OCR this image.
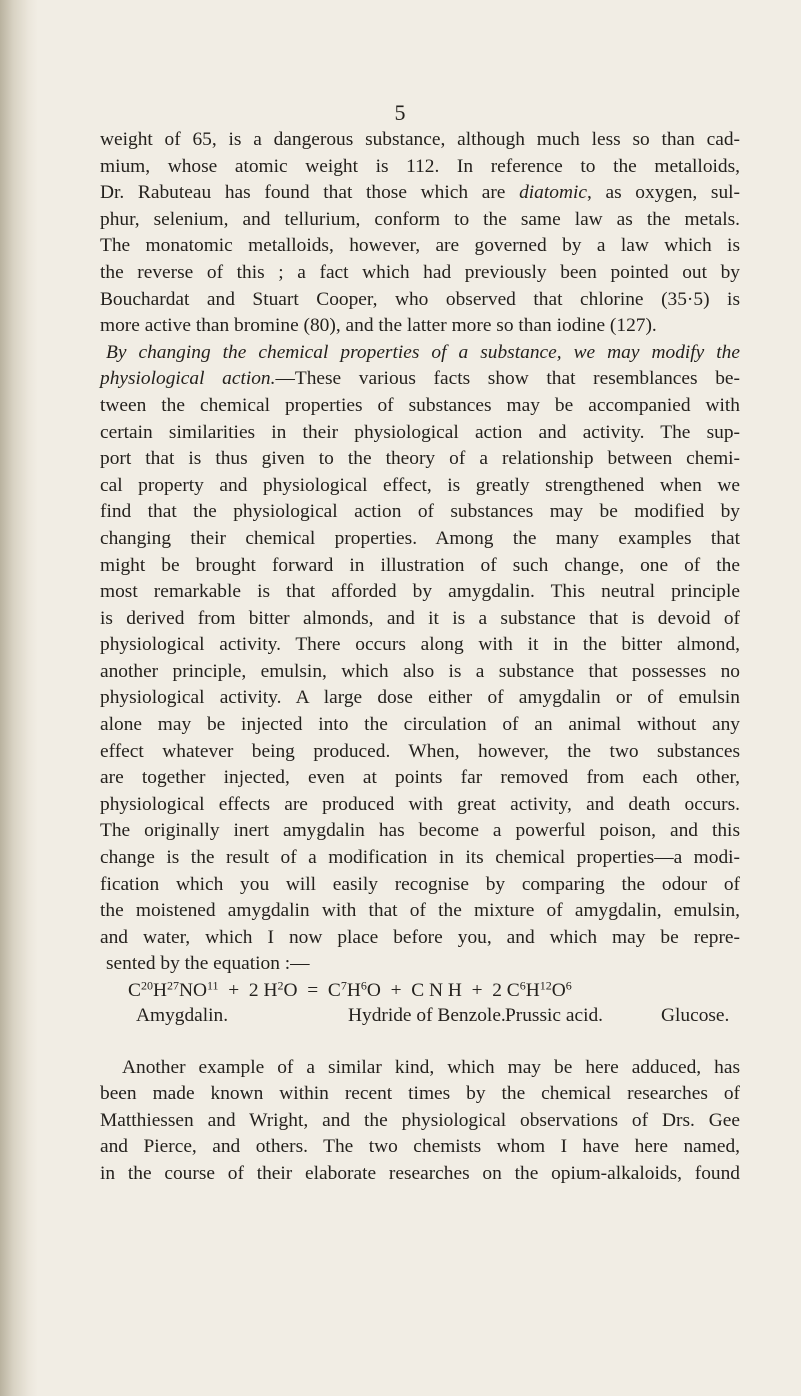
5
weight of 65, is a dangerous substance, although much less so than cad-
mium, whose atomic weight is 112. In reference to the metalloids,
Dr. Rabuteau has found that those which are diatomic, as oxygen, sul-
phur, selenium, and tellurium, conform to the same law as the metals.
The monatomic metalloids, however, are governed by a law which is
the reverse of this ; a fact which had previously been pointed out by
Bouchardat and Stuart Cooper, who observed that chlorine (35·5) is
more active than bromine (80), and the latter more so than iodine (127).
By changing the chemical properties of a substance, we may modify the
physiological action.—These various facts show that resemblances be-
tween the chemical properties of substances may be accompanied with
certain similarities in their physiological action and activity. The sup-
port that is thus given to the theory of a relationship between chemi-
cal property and physiological effect, is greatly strengthened when we
find that the physiological action of substances may be modified by
changing their chemical properties. Among the many examples that
might be brought forward in illustration of such change, one of the
most remarkable is that afforded by amygdalin. This neutral principle
is derived from bitter almonds, and it is a substance that is devoid of
physiological activity. There occurs along with it in the bitter almond,
another principle, emulsin, which also is a substance that possesses no
physiological activity. A large dose either of amygdalin or of emulsin
alone may be injected into the circulation of an animal without any
effect whatever being produced. When, however, the two substances
are together injected, even at points far removed from each other,
physiological effects are produced with great activity, and death occurs.
The originally inert amygdalin has become a powerful poison, and this
change is the result of a modification in its chemical properties—a modi-
fication which you will easily recognise by comparing the odour of
the moistened amygdalin with that of the mixture of amygdalin, emulsin,
and water, which I now place before you, and which may be repre-
sented by the equation :—
$C^{20}H^{27}NO^{11} + 2$ $H^2O = C^7H^6O + C$ N H + 2 $C^6H^{12}O^6$
Amygdalin.	Hydride of Benzole. Prussic acid.	Glucose.
Another example of a similar kind, which may be here adduced, has
been made known within recent times by the chemical researches of
Matthiessen and Wright, and the physiological observations of Drs. Gee
and Pierce, and others. The two chemists whom I have here named,
in the course of their elaborate researches on the opium-alkaloids, found
